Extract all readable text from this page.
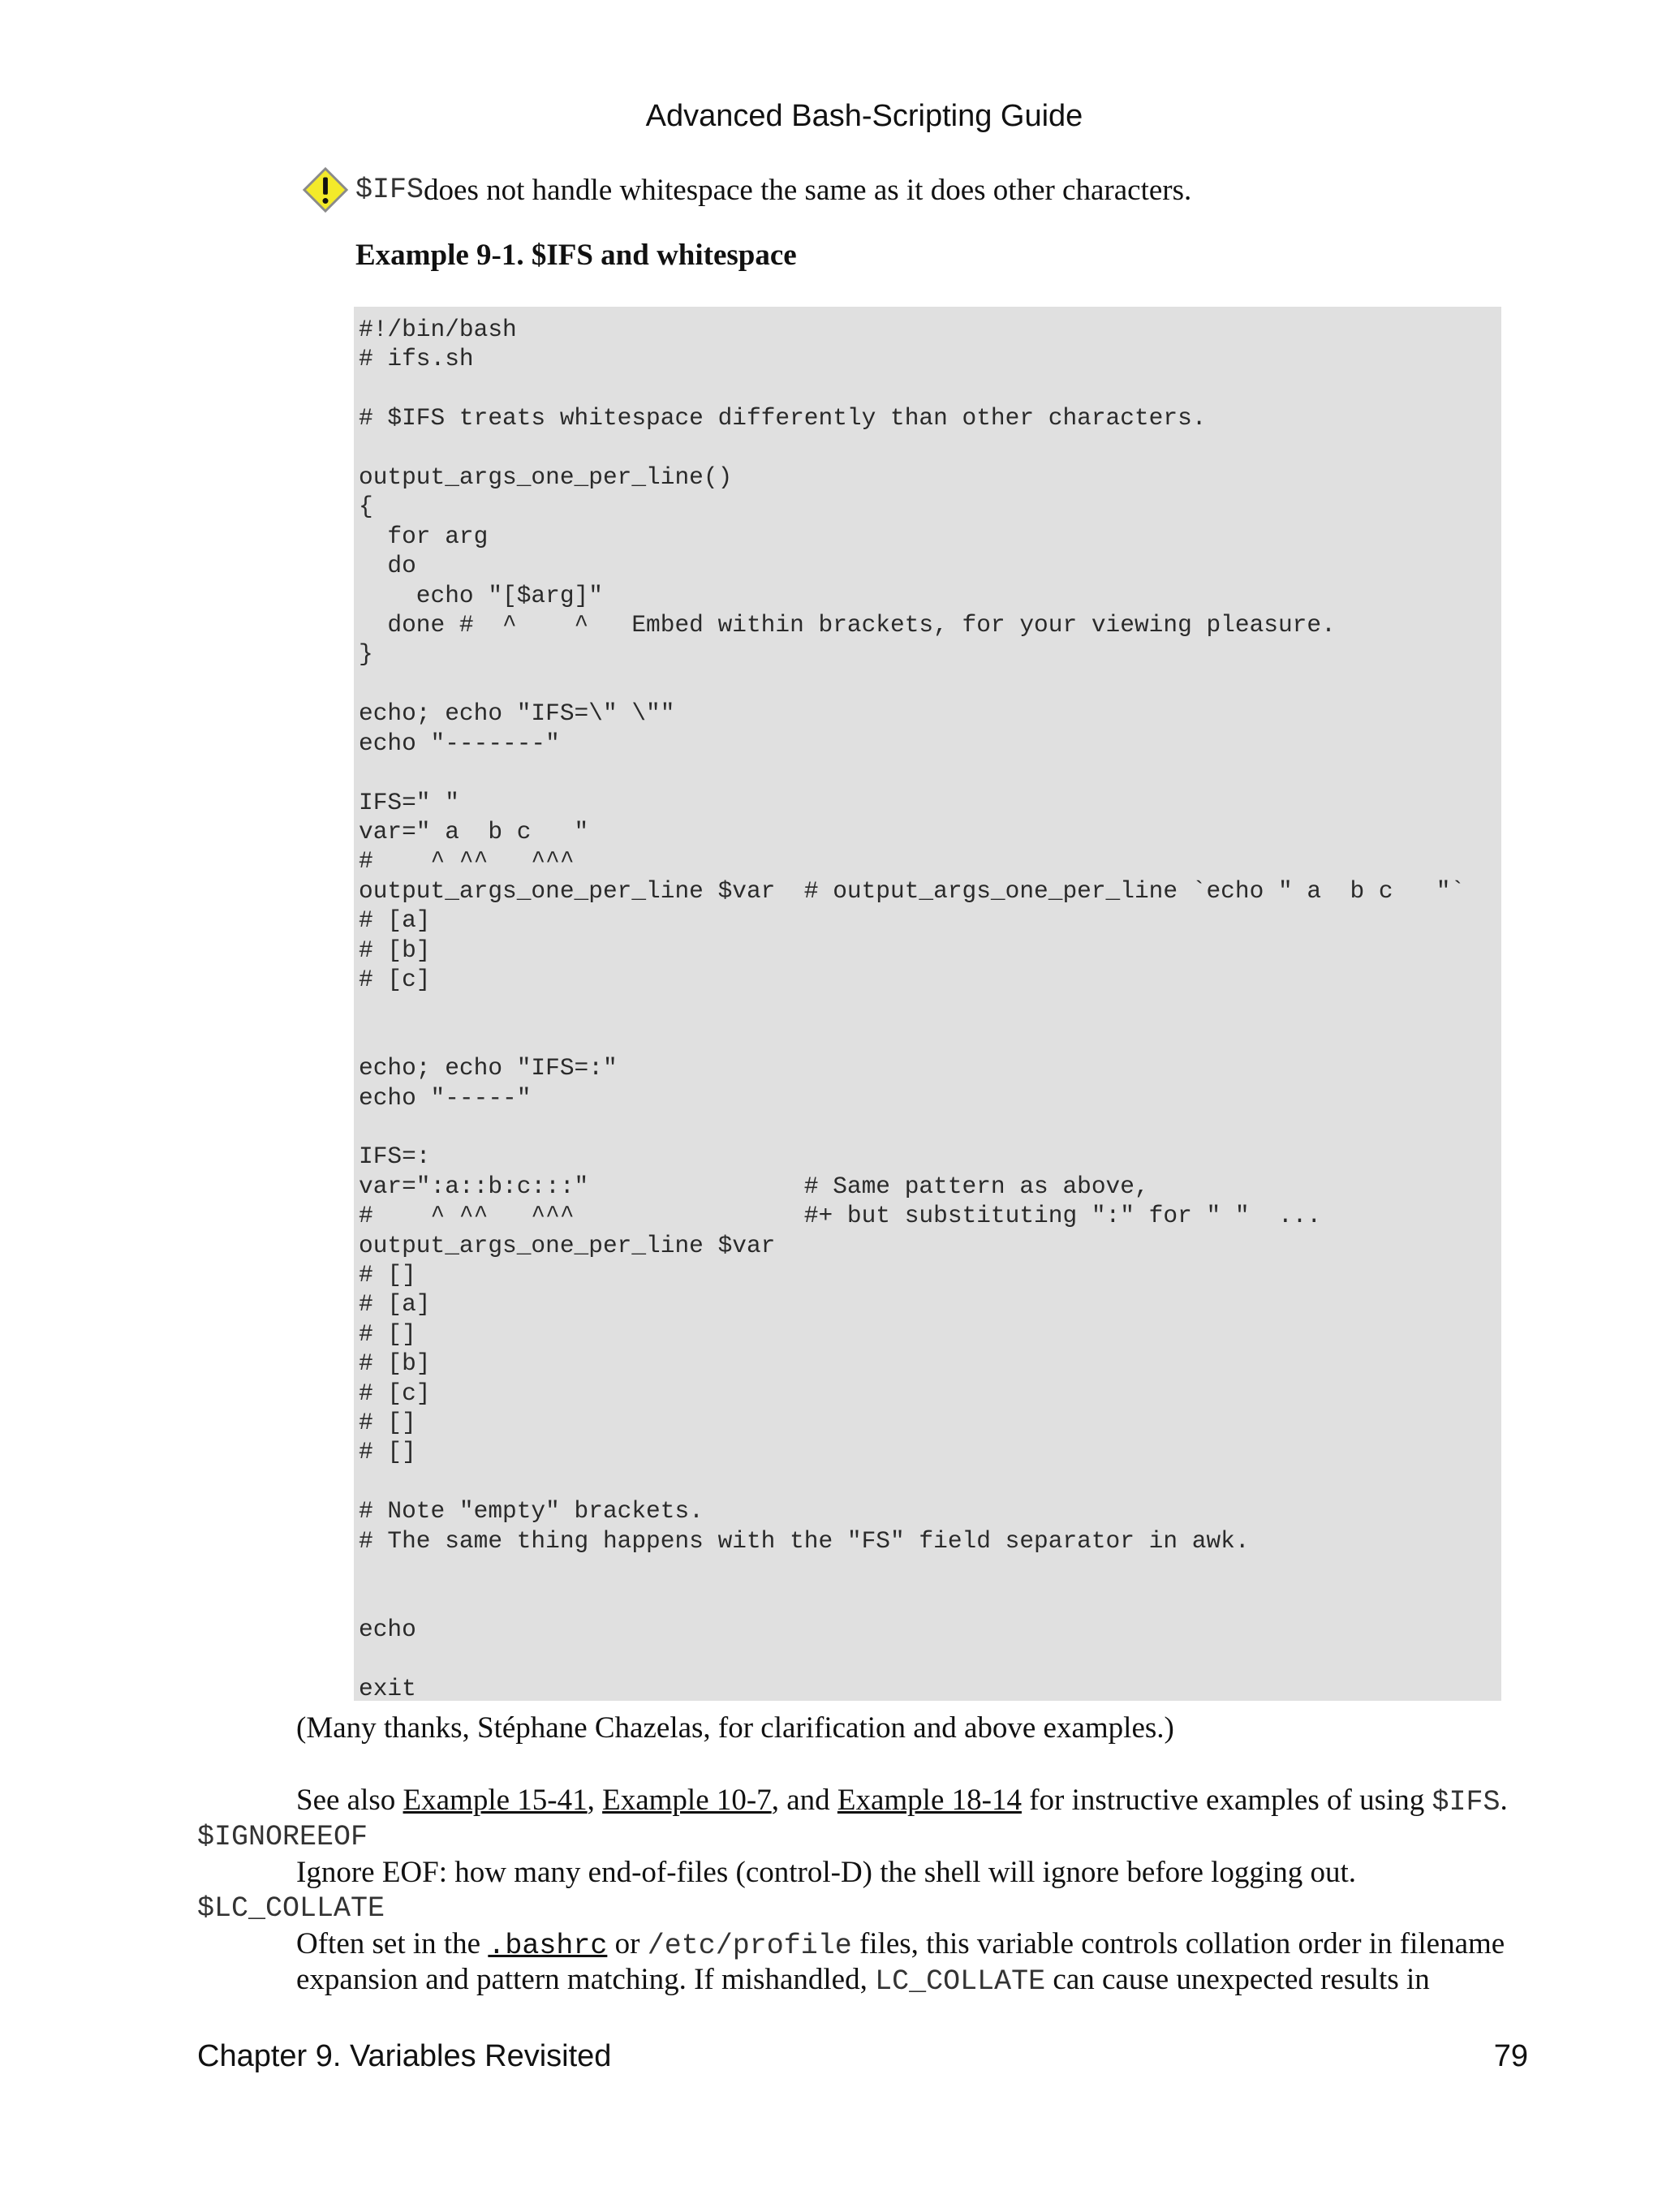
Advanced Bash-Scripting Guide
$IFS does not handle whitespace the same as it does other characters.
Example 9-1. $IFS and whitespace
#!/bin/bash
# ifs.sh

# $IFS treats whitespace differently than other characters.

output_args_one_per_line()
{
for arg
do
echo "[$arg]"
done #  ^    ^   Embed within brackets, for your viewing pleasure.
}

echo; echo "IFS=\" \""
echo "-------"

IFS=" "
var=" a  b c   "
#    ^ ^^   ^^^
output_args_one_per_line $var  # output_args_one_per_line `echo " a  b c   "`
# [a]
# [b]
# [c]

echo; echo "IFS=:"
echo "-----"

IFS=:
var=":a::b:c:::"               # Same pattern as above,
#    ^ ^^   ^^^                #+ but substituting ":" for " "  ...
output_args_one_per_line $var
# []
# [a]
# []
# [b]
# [c]
# []
# []

# Note "empty" brackets.
# The same thing happens with the "FS" field separator in awk.

echo

exit
(Many thanks, Stéphane Chazelas, for clarification and above examples.)
See also Example 15-41, Example 10-7, and Example 18-14 for instructive examples of using $IFS.
$IGNOREEOF
Ignore EOF: how many end-of-files (control-D) the shell will ignore before logging out.
$LC_COLLATE
Often set in the .bashrc or /etc/profile files, this variable controls collation order in filename
expansion and pattern matching. If mishandled, LC_COLLATE can cause unexpected results in
Chapter 9. Variables Revisited	79
